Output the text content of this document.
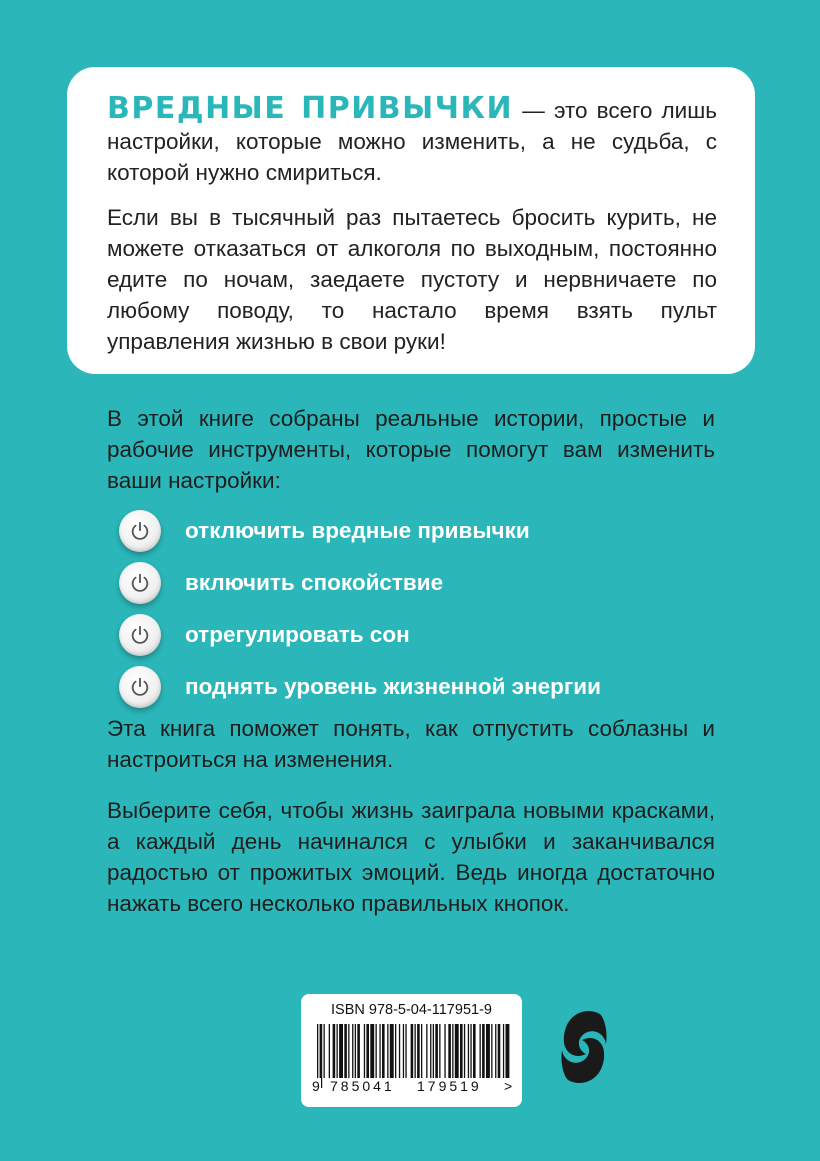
ВРЕДНЫЕ ПРИВЫЧКИ — это всего лишь настройки, которые можно изменить, а не судьба, с которой нужно смириться.

Если вы в тысячный раз пытаетесь бросить курить, не можете отказаться от алкоголя по выходным, постоянно едите по ночам, заедаете пустоту и нервничаете по любому поводу, то настало время взять пульт управления жизнью в свои руки!

В этой книге собраны реальные истории, простые и рабочие инструменты, которые помогут вам изменить ваши настройки:

отключить вредные привычки
включить спокойствие
отрегулировать сон
поднять уровень жизненной энергии

Эта книга поможет понять, как отпустить соблазны и настроиться на изменения.

Выберите себя, чтобы жизнь заиграла новыми красками, а каждый день начинался с улыбки и заканчивался радостью от прожитых эмоций. Ведь иногда достаточно нажать всего несколько правильных кнопок.

ISBN 978-5-04-117951-9
9 785041 179519 >
